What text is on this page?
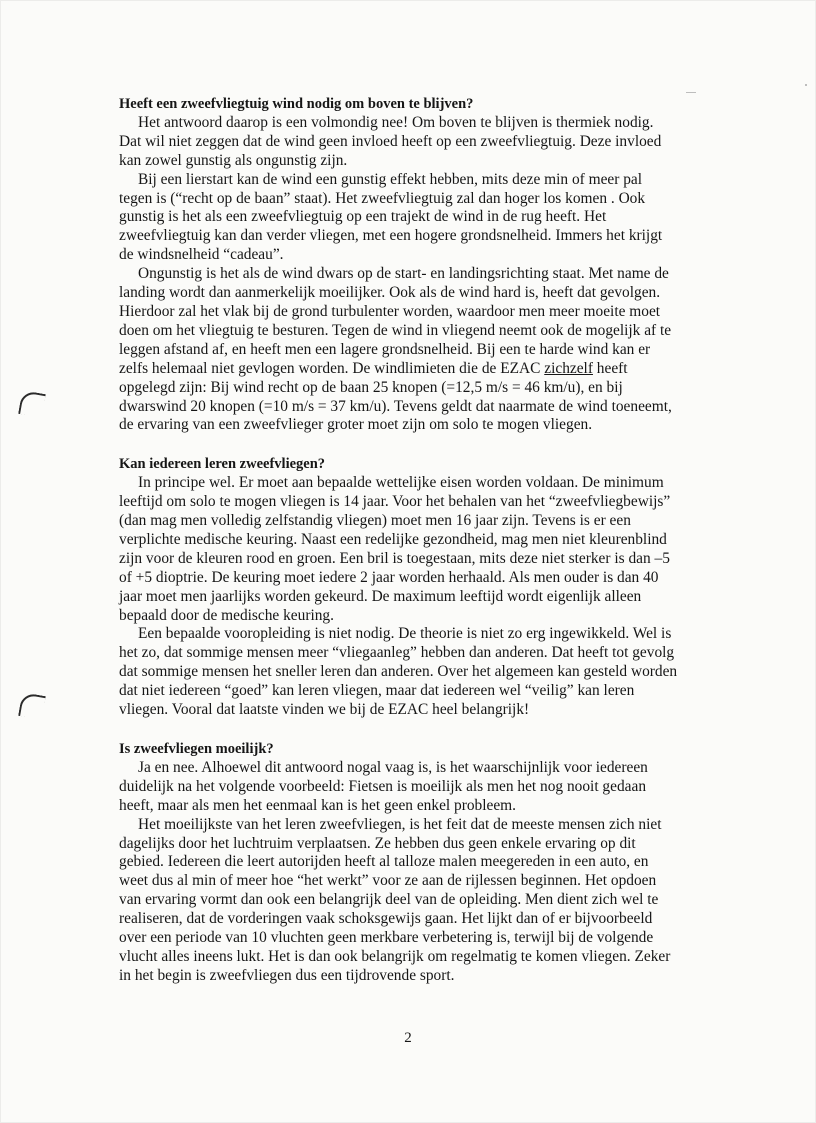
Heeft een zweefvliegtuig wind nodig om boven te blijven?

Het antwoord daarop is een volmondig nee! Om boven te blijven is thermiek nodig. Dat wil niet zeggen dat de wind geen invloed heeft op een zweefvliegtuig. Deze invloed kan zowel gunstig als ongunstig zijn.

Bij een lierstart kan de wind een gunstig effekt hebben, mits deze min of meer pal tegen is (“recht op de baan” staat). Het zweefvliegtuig zal dan hoger los komen . Ook gunstig is het als een zweefvliegtuig op een trajekt de wind in de rug heeft. Het zweefvliegtuig kan dan verder vliegen, met een hogere grondsnelheid. Immers het krijgt de windsnelheid “cadeau”.

Ongunstig is het als de wind dwars op de start- en landingsrichting staat. Met name de landing wordt dan aanmerkelijk moeilijker. Ook als de wind hard is, heeft dat gevolgen. Hierdoor zal het vlak bij de grond turbulenter worden, waardoor men meer moeite moet doen om het vliegtuig te besturen. Tegen de wind in vliegend neemt ook de mogelijk af te leggen afstand af, en heeft men een lagere grondsnelheid. Bij een te harde wind kan er zelfs helemaal niet gevlogen worden. De windlimieten die de EZAC zichzelf heeft opgelegd zijn: Bij wind recht op de baan 25 knopen (=12,5 m/s = 46 km/u), en bij dwarswind 20 knopen (=10 m/s = 37 km/u). Tevens geldt dat naarmate de wind toeneemt, de ervaring van een zweefvlieger groter moet zijn om solo te mogen vliegen.

Kan iedereen leren zweefvliegen?

In principe wel. Er moet aan bepaalde wettelijke eisen worden voldaan. De minimum leeftijd om solo te mogen vliegen is 14 jaar. Voor het behalen van het “zweefvliegbewijs” (dan mag men volledig zelfstandig vliegen) moet men 16 jaar zijn. Tevens is er een verplichte medische keuring. Naast een redelijke gezondheid, mag men niet kleurenblind zijn voor de kleuren rood en groen. Een bril is toegestaan, mits deze niet sterker is dan –5 of +5 dioptrie. De keuring moet iedere 2 jaar worden herhaald. Als men ouder is dan 40 jaar moet men jaarlijks worden gekeurd. De maximum leeftijd wordt eigenlijk alleen bepaald door de medische keuring.

Een bepaalde vooropleiding is niet nodig. De theorie is niet zo erg ingewikkeld. Wel is het zo, dat sommige mensen meer “vliegaanleg” hebben dan anderen. Dat heeft tot gevolg dat sommige mensen het sneller leren dan anderen. Over het algemeen kan gesteld worden dat niet iedereen “goed” kan leren vliegen, maar dat iedereen wel “veilig” kan leren vliegen. Vooral dat laatste vinden we bij de EZAC heel belangrijk!

Is zweefvliegen moeilijk?

Ja en nee. Alhoewel dit antwoord nogal vaag is, is het waarschijnlijk voor iedereen duidelijk na het volgende voorbeeld: Fietsen is moeilijk als men het nog nooit gedaan heeft, maar als men het eenmaal kan is het geen enkel probleem.

Het moeilijkste van het leren zweefvliegen, is het feit dat de meeste mensen zich niet dagelijks door het luchtruim verplaatsen. Ze hebben dus geen enkele ervaring op dit gebied. Iedereen die leert autorijden heeft al talloze malen meegereden in een auto, en weet dus al min of meer hoe “het werkt” voor ze aan de rijlessen beginnen. Het opdoen van ervaring vormt dan ook een belangrijk deel van de opleiding. Men dient zich wel te realiseren, dat de vorderingen vaak schoksgewijs gaan. Het lijkt dan of er bijvoorbeeld over een periode van 10 vluchten geen merkbare verbetering is, terwijl bij de volgende vlucht alles ineens lukt. Het is dan ook belangrijk om regelmatig te komen vliegen. Zeker in het begin is zweefvliegen dus een tijdrovende sport.

2
